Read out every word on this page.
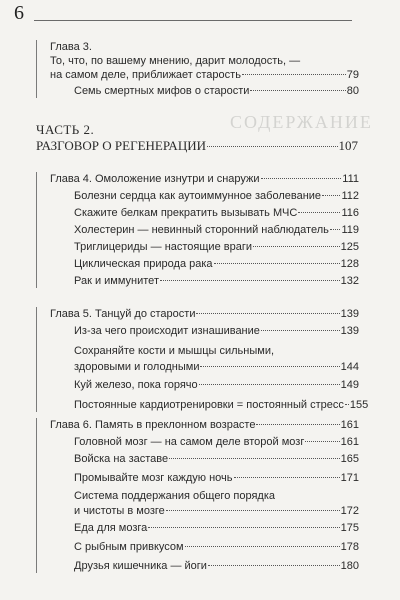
6
СОДЕРЖАНИЕ
Глава 3.
То, что, по вашему мнению, дарит молодость, —
на самом деле, приближает старость	79
Семь смертных мифов о старости	80
ЧАСТЬ 2.
РАЗГОВОР О РЕГЕНЕРАЦИИ	107
Глава 4. Омоложение изнутри и снаружи	111
Болезни сердца как аутоиммунное заболевание 112
Скажите белкам прекратить вызывать МЧС	116
Холестерин — невинный сторонний наблюдатель 119
Триглицериды — настоящие враги	125
Циклическая природа рака	128
Рак и иммунитет	132
Глава 5. Танцуй до старости	139
Из-за чего происходит изнашивание	139
Сохраняйте кости и мышцы сильными,
здоровыми и голодными	144
Куй железо, пока горячо	149
Постоянные кардиотренировки = постоянный стресс 155
Глава 6. Память в преклонном возрасте	161
Головной мозг — на самом деле второй мозг	161
Войска на заставе	165
Промывайте мозг каждую ночь	171
Система поддержания общего порядка
и чистоты в мозге	172
Еда для мозга	175
С рыбным привкусом	178
Друзья кишечника — йоги	180
